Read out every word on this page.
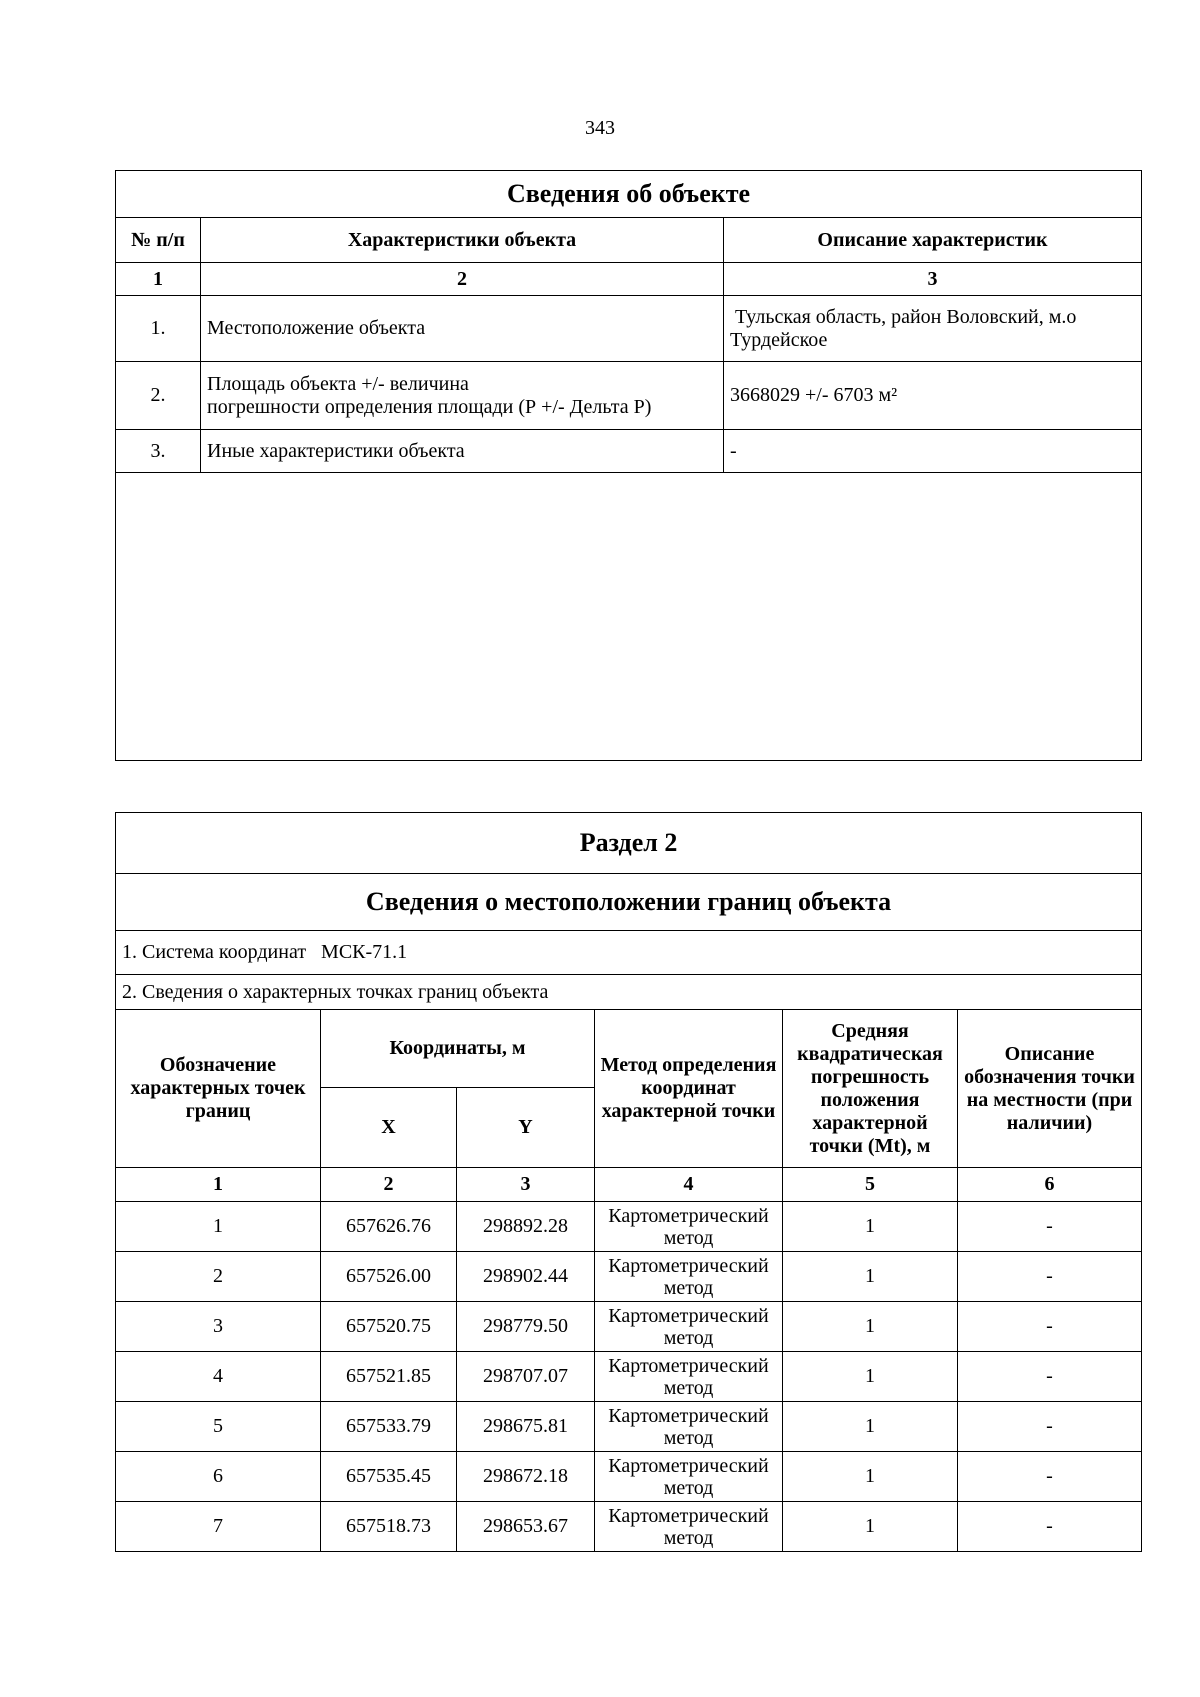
343
Сведения об объекте		
№ п/п	Характеристики объекта	Описание характеристик
1	2	3
1.	Местоположение объекта	Тульская область, район Воловский, м.о Турдейское
2.	Площадь объекта +/- величина
погрешности определения площади (Р +/- Дельта Р)	3668029 +/- 6703 м²
3.	Иные характеристики объекта	-

Раздел 2					
Сведения о местоположении границ объекта					
1. Система координат   МСК-71.1					
2. Сведения о характерных точках границ объекта					
Обозначение характерных точек границ	Координаты, м		Метод определения координат характерной точки	Средняя квадратическая погрешность положения характерной точки (Mt), м	Описание обозначения точки на местности (при наличии)
	X	Y			
1	2	3	4	5	6
1	657626.76	298892.28	Картометрический метод	1	-
2	657526.00	298902.44	Картометрический метод	1	-
3	657520.75	298779.50	Картометрический метод	1	-
4	657521.85	298707.07	Картометрический метод	1	-
5	657533.79	298675.81	Картометрический метод	1	-
6	657535.45	298672.18	Картометрический метод	1	-
7	657518.73	298653.67	Картометрический метод	1	-
